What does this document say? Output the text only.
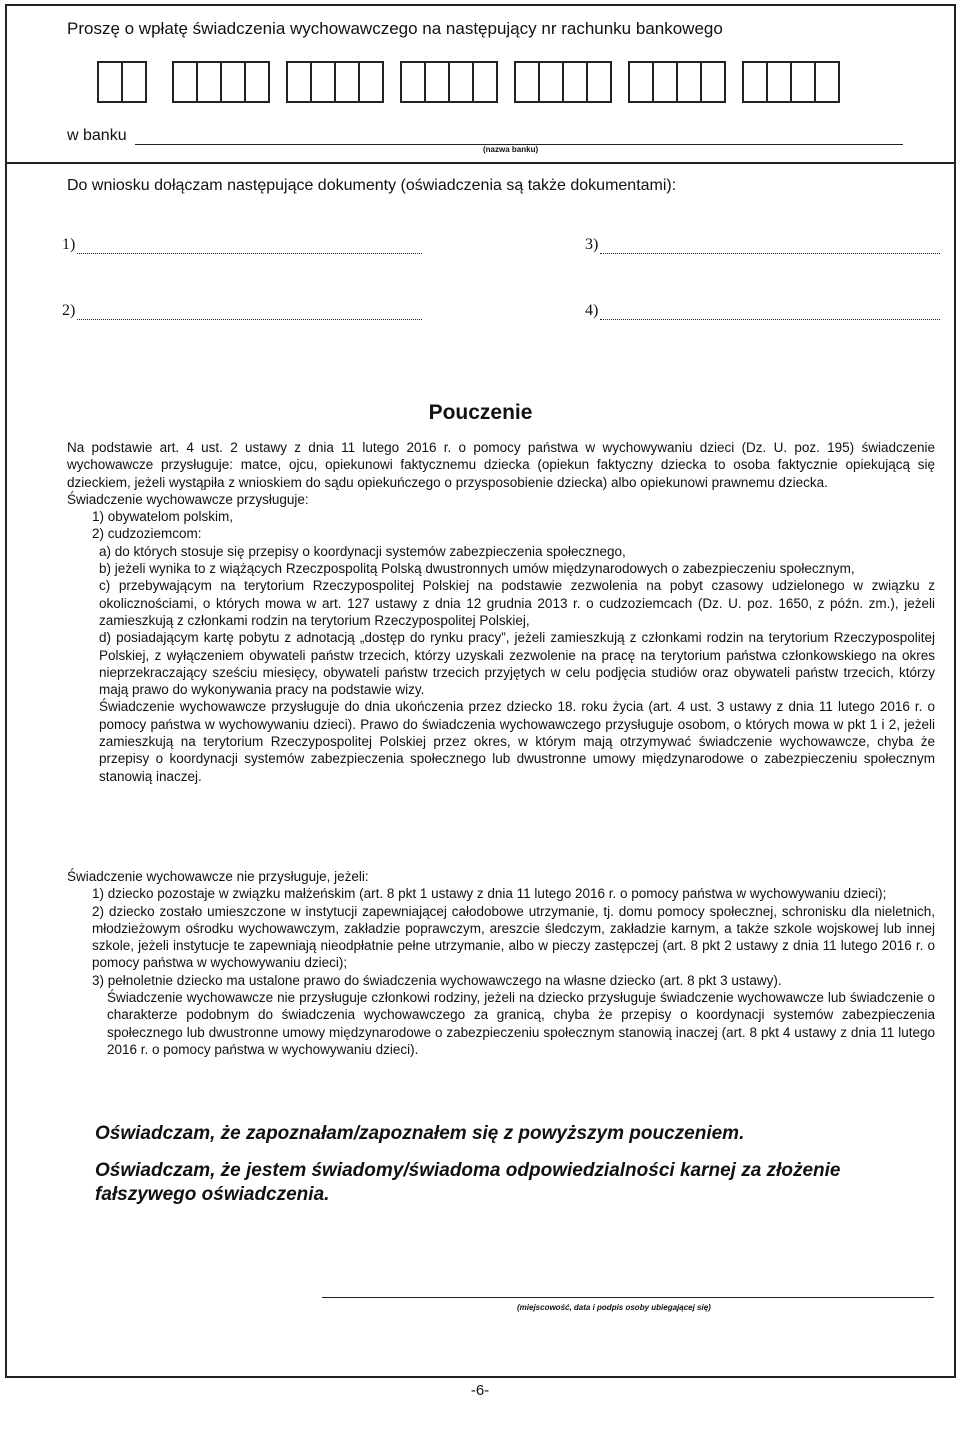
Proszę o wpłatę świadczenia wychowawczego na następujący nr rachunku bankowego
w banku
(nazwa banku)
Do wniosku dołączam następujące dokumenty (oświadczenia są także dokumentami):
1)	3)
2)	4)
Pouczenie

Na podstawie art. 4 ust. 2 ustawy z dnia 11 lutego 2016 r. o pomocy państwa w wychowywaniu dzieci (Dz. U. poz. 195) świadczenie wychowawcze przysługuje: matce, ojcu, opiekunowi faktycznemu dziecka (opiekun faktyczny dziecka to osoba faktycznie opiekującą się dzieckiem, jeżeli wystąpiła z wnioskiem do sądu opiekuńczego o przysposobienie dziecka) albo opiekunowi prawnemu dziecka.

Świadczenie wychowawcze przysługuje:

1) obywatelom polskim,

2) cudzoziemcom:

a) do których stosuje się przepisy o koordynacji systemów zabezpieczenia społecznego,

b) jeżeli wynika to z wiążących Rzeczpospolitą Polską dwustronnych umów międzynarodowych o zabezpieczeniu społecznym,

c) przebywającym na terytorium Rzeczypospolitej Polskiej na podstawie zezwolenia na pobyt czasowy udzielonego w związku z okolicznościami, o których mowa w art. 127 ustawy z dnia 12 grudnia 2013 r. o cudzoziemcach (Dz. U. poz. 1650, z późn. zm.), jeżeli zamieszkują z członkami rodzin na terytorium Rzeczypospolitej Polskiej,

d) posiadającym kartę pobytu z adnotacją „dostęp do rynku pracy”, jeżeli zamieszkują z członkami rodzin na terytorium Rzeczypospolitej Polskiej, z wyłączeniem obywateli państw trzecich, którzy uzyskali zezwolenie na pracę na terytorium państwa członkowskiego na okres nieprzekraczający sześciu miesięcy, obywateli państw trzecich przyjętych w celu podjęcia studiów oraz obywateli państw trzecich, którzy mają prawo do wykonywania pracy na podstawie wizy.

Świadczenie wychowawcze przysługuje do dnia ukończenia przez dziecko 18. roku życia (art. 4 ust. 3 ustawy z dnia 11 lutego 2016 r. o pomocy państwa w wychowywaniu dzieci). Prawo do świadczenia wychowawczego przysługuje osobom, o których mowa w pkt 1 i 2, jeżeli zamieszkują na terytorium Rzeczypospolitej Polskiej przez okres, w którym mają otrzymywać świadczenie wychowawcze, chyba że przepisy o koordynacji systemów zabezpieczenia społecznego lub dwustronne umowy międzynarodowe o zabezpieczeniu społecznym stanowią inaczej.

Świadczenie wychowawcze nie przysługuje, jeżeli:

1) dziecko pozostaje w związku małżeńskim (art. 8 pkt 1 ustawy z dnia 11 lutego 2016 r. o pomocy państwa w wychowywaniu dzieci);

2) dziecko zostało umieszczone w instytucji zapewniającej całodobowe utrzymanie, tj. domu pomocy społecznej, schronisku dla nieletnich, młodzieżowym ośrodku wychowawczym, zakładzie poprawczym, areszcie śledczym, zakładzie karnym, a także szkole wojskowej lub innej szkole, jeżeli instytucje te zapewniają nieodpłatnie pełne utrzymanie, albo w pieczy zastępczej (art. 8 pkt 2 ustawy z dnia 11 lutego 2016 r. o pomocy państwa w wychowywaniu dzieci);

3) pełnoletnie dziecko ma ustalone prawo do świadczenia wychowawczego na własne dziecko (art. 8 pkt 3 ustawy).

Świadczenie wychowawcze nie przysługuje członkowi rodziny, jeżeli na dziecko przysługuje świadczenie wychowawcze lub świadczenie o charakterze podobnym do świadczenia wychowawczego za granicą, chyba że przepisy o koordynacji systemów zabezpieczenia społecznego lub dwustronne umowy międzynarodowe o zabezpieczeniu społecznym stanowią inaczej (art. 8 pkt 4 ustawy z dnia 11 lutego 2016 r. o pomocy państwa w wychowywaniu dzieci).

Oświadczam, że zapoznałam/zapoznałem się z powyższym pouczeniem.
Oświadczam, że jestem świadomy/świadoma odpowiedzialności karnej za złożenie fałszywego oświadczenia.
(miejscowość, data i podpis osoby ubiegającej się)
-6-
